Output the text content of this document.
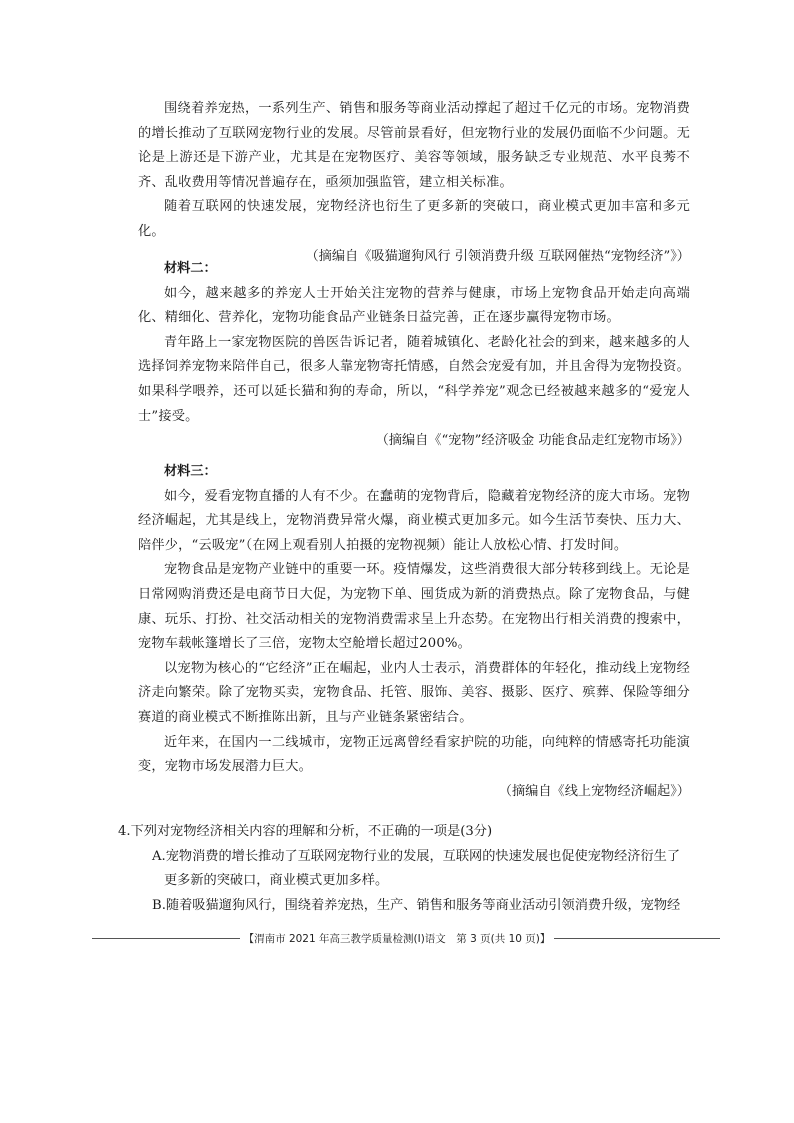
围绕着养宠热，一系列生产、销售和服务等商业活动撑起了超过千亿元的市场。宠物消费的增长推动了互联网宠物行业的发展。尽管前景看好，但宠物行业的发展仍面临不少问题。无论是上游还是下游产业，尤其是在宠物医疗、美容等领域，服务缺乏专业规范、水平良莠不齐、乱收费用等情况普遍存在，亟须加强监管，建立相关标准。

随着互联网的快速发展，宠物经济也衍生了更多新的突破口，商业模式更加丰富和多元化。

（摘编自《吸猫遛狗风行 引领消费升级 互联网催热“宠物经济”》）

材料二：

如今，越来越多的养宠人士开始关注宠物的营养与健康，市场上宠物食品开始走向高端化、精细化、营养化，宠物功能食品产业链条日益完善，正在逐步赢得宠物市场。

青年路上一家宠物医院的兽医告诉记者，随着城镇化、老龄化社会的到来，越来越多的人选择饲养宠物来陪伴自己，很多人靠宠物寄托情感，自然会宠爱有加，并且舍得为宠物投资。如果科学喂养，还可以延长猫和狗的寿命，所以，“科学养宠”观念已经被越来越多的“爱宠人士”接受。

（摘编自《“宠物”经济吸金 功能食品走红宠物市场》）

材料三：

如今，爱看宠物直播的人有不少。在蠢萌的宠物背后，隐藏着宠物经济的庞大市场。宠物经济崛起，尤其是线上，宠物消费异常火爆，商业模式更加多元。如今生活节奏快、压力大、陪伴少，“云吸宠”（在网上观看别人拍摄的宠物视频）能让人放松心情、打发时间。

宠物食品是宠物产业链中的重要一环。疫情爆发，这些消费很大部分转移到线上。无论是日常网购消费还是电商节日大促，为宠物下单、囤货成为新的消费热点。除了宠物食品，与健康、玩乐、打扮、社交活动相关的宠物消费需求呈上升态势。在宠物出行相关消费的搜索中，宠物车载帐篷增长了三倍，宠物太空舱增长超过200%。

以宠物为核心的“它经济”正在崛起，业内人士表示，消费群体的年轻化，推动线上宠物经济走向繁荣。除了宠物买卖，宠物食品、托管、服饰、美容、摄影、医疗、殡葬、保险等细分赛道的商业模式不断推陈出新，且与产业链条紧密结合。

近年来，在国内一二线城市，宠物正远离曾经看家护院的功能，向纯粹的情感寄托功能演变，宠物市场发展潜力巨大。

（摘编自《线上宠物经济崛起》）

4.下列对宠物经济相关内容的理解和分析，不正确的一项是(3分)

A.宠物消费的增长推动了互联网宠物行业的发展，互联网的快速发展也促使宠物经济衍生了更多新的突破口，商业模式更加多样。

B.随着吸猫遛狗风行，围绕着养宠热，生产、销售和服务等商业活动引领消费升级，宠物经

【渭南市 2021 年高三教学质量检测(Ⅰ)语文　第 3 页(共 10 页)】
